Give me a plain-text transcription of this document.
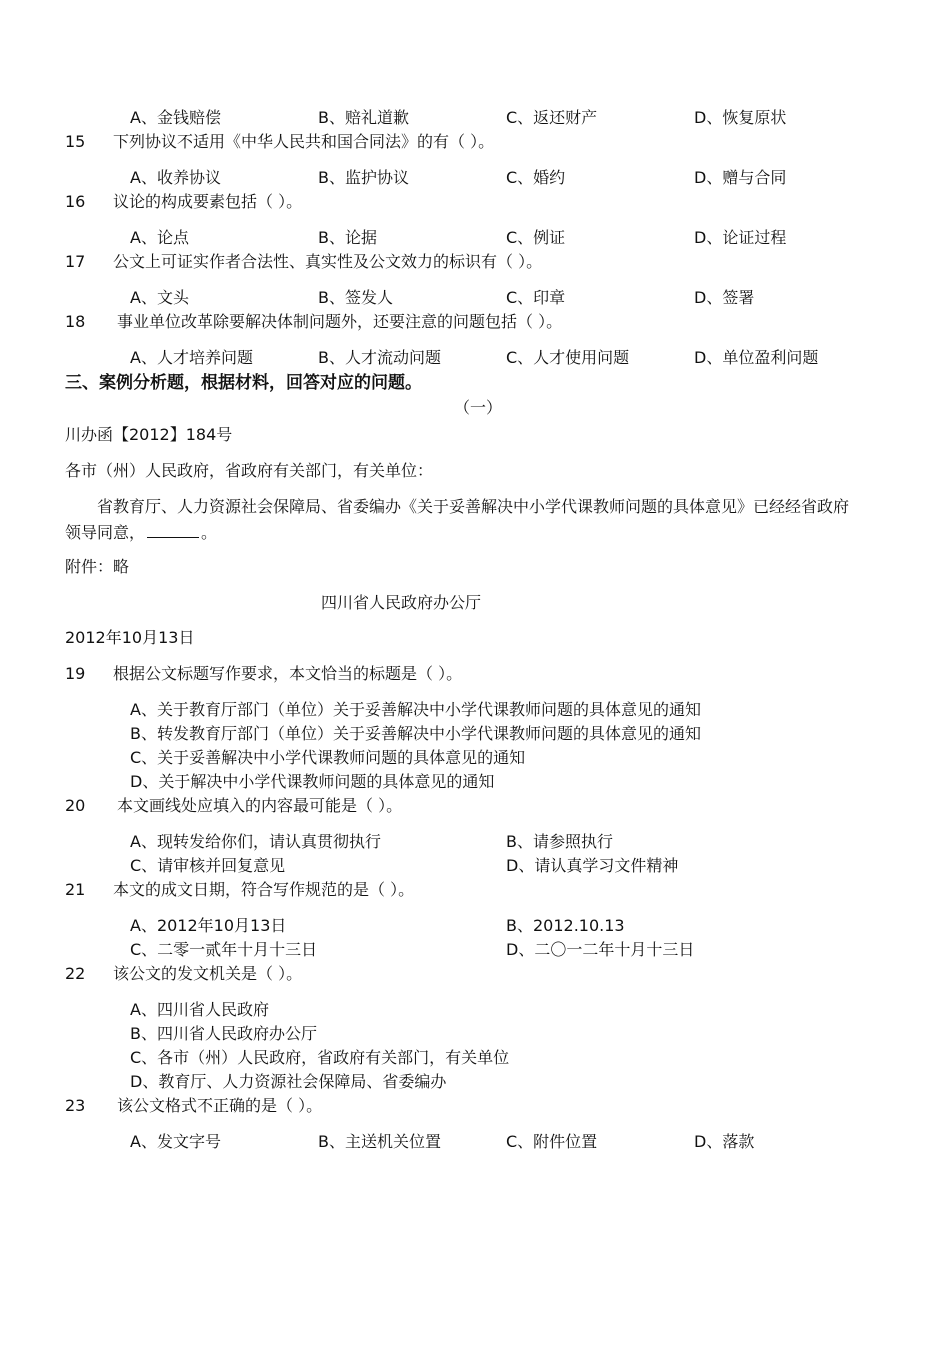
A、金钱赔偿	B、赔礼道歉	C、返还财产	D、恢复原状
15 下列协议不适用《中华人民共和国合同法》的有（ ）。
A、收养协议	B、监护协议	C、婚约	D、赠与合同
16 议论的构成要素包括（ ）。
A、论点	B、论据	C、例证	D、论证过程
17 公文上可证实作者合法性、真实性及公文效力的标识有（ ）。
A、文头	B、签发人	C、印章	D、签署
18 事业单位改革除要解决体制问题外，还要注意的问题包括（ ）。
A、人才培养问题	B、人才流动问题	C、人才使用问题	D、单位盈利问题
三、案例分析题，根据材料，回答对应的问题。
（一）
川办函【2012】184号
各市（州）人民政府，省政府有关部门，有关单位：
省教育厅、人力资源社会保障局、省委编办《关于妥善解决中小学代课教师问题的具体意见》已经经省政府
领导同意，	。
附件：略
四川省人民政府办公厅
2012年10月13日
19 根据公文标题写作要求，本文恰当的标题是（ ）。
A、关于教育厅部门（单位）关于妥善解决中小学代课教师问题的具体意见的通知
B、转发教育厅部门（单位）关于妥善解决中小学代课教师问题的具体意见的通知
C、关于妥善解决中小学代课教师问题的具体意见的通知
D、关于解决中小学代课教师问题的具体意见的通知
20 本文画线处应填入的内容最可能是（ ）。
A、现转发给你们，请认真贯彻执行	B、请参照执行
C、请审核并回复意见	D、请认真学习文件精神
21 本文的成文日期，符合写作规范的是（ ）。
A、2012年10月13日	B、2012.10.13
C、二零一贰年十月十三日	D、二〇一二年十月十三日
22 该公文的发文机关是（ ）。
A、四川省人民政府
B、四川省人民政府办公厅
C、各市（州）人民政府，省政府有关部门，有关单位
D、教育厅、人力资源社会保障局、省委编办
23 该公文格式不正确的是（ ）。
A、发文字号	B、主送机关位置	C、附件位置	D、落款
